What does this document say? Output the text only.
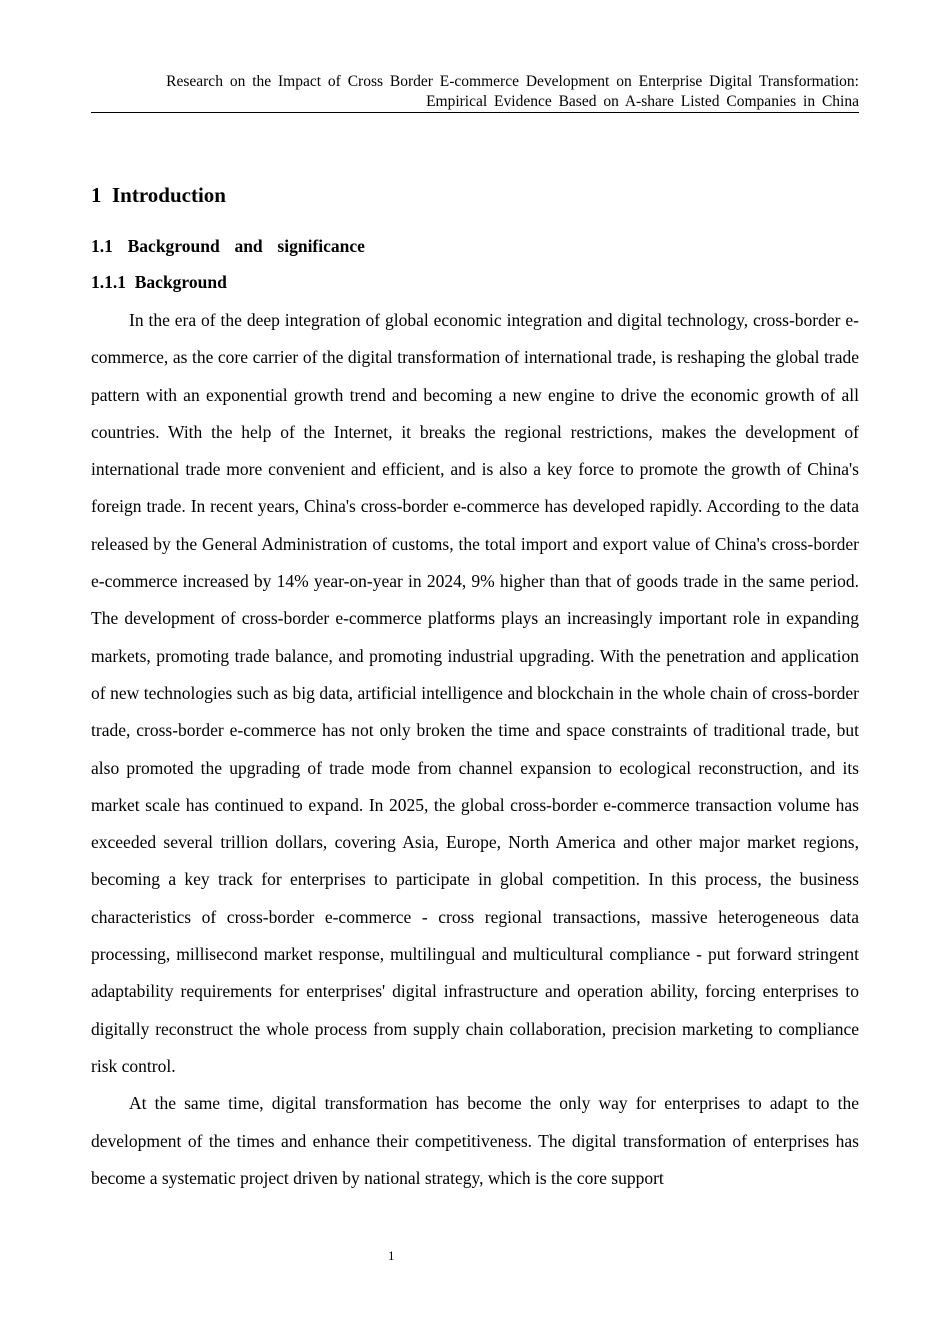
Research on the Impact of Cross Border E-commerce Development on Enterprise Digital Transformation:
Empirical Evidence Based on A-share Listed Companies in China
1  Introduction
1.1  Background  and  significance
1.1.1  Background

In the era of the deep integration of global economic integration and digital technology, cross-border e-commerce, as the core carrier of the digital transformation of international trade, is reshaping the global trade pattern with an exponential growth trend and becoming a new engine to drive the economic growth of all countries. With the help of the Internet, it breaks the regional restrictions, makes the development of international trade more convenient and efficient, and is also a key force to promote the growth of China's foreign trade. In recent years, China's cross-border e-commerce has developed rapidly. According to the data released by the General Administration of customs, the total import and export value of China's cross-border e-commerce increased by 14% year-on-year in 2024, 9% higher than that of goods trade in the same period. The development of cross-border e-commerce platforms plays an increasingly important role in expanding markets, promoting trade balance, and promoting industrial upgrading. With the penetration and application of new technologies such as big data, artificial intelligence and blockchain in the whole chain of cross-border trade, cross-border e-commerce has not only broken the time and space constraints of traditional trade, but also promoted the upgrading of trade mode from channel expansion to ecological reconstruction, and its market scale has continued to expand. In 2025, the global cross-border e-commerce transaction volume has exceeded several trillion dollars, covering Asia, Europe, North America and other major market regions, becoming a key track for enterprises to participate in global competition. In this process, the business characteristics of cross-border e-commerce - cross regional transactions, massive heterogeneous data processing, millisecond market response, multilingual and multicultural compliance - put forward stringent adaptability requirements for enterprises' digital infrastructure and operation ability, forcing enterprises to digitally reconstruct the whole process from supply chain collaboration, precision marketing to compliance risk control.

At the same time, digital transformation has become the only way for enterprises to adapt to the development of the times and enhance their competitiveness. The digital transformation of enterprises has become a systematic project driven by national strategy, which is the core support

1
